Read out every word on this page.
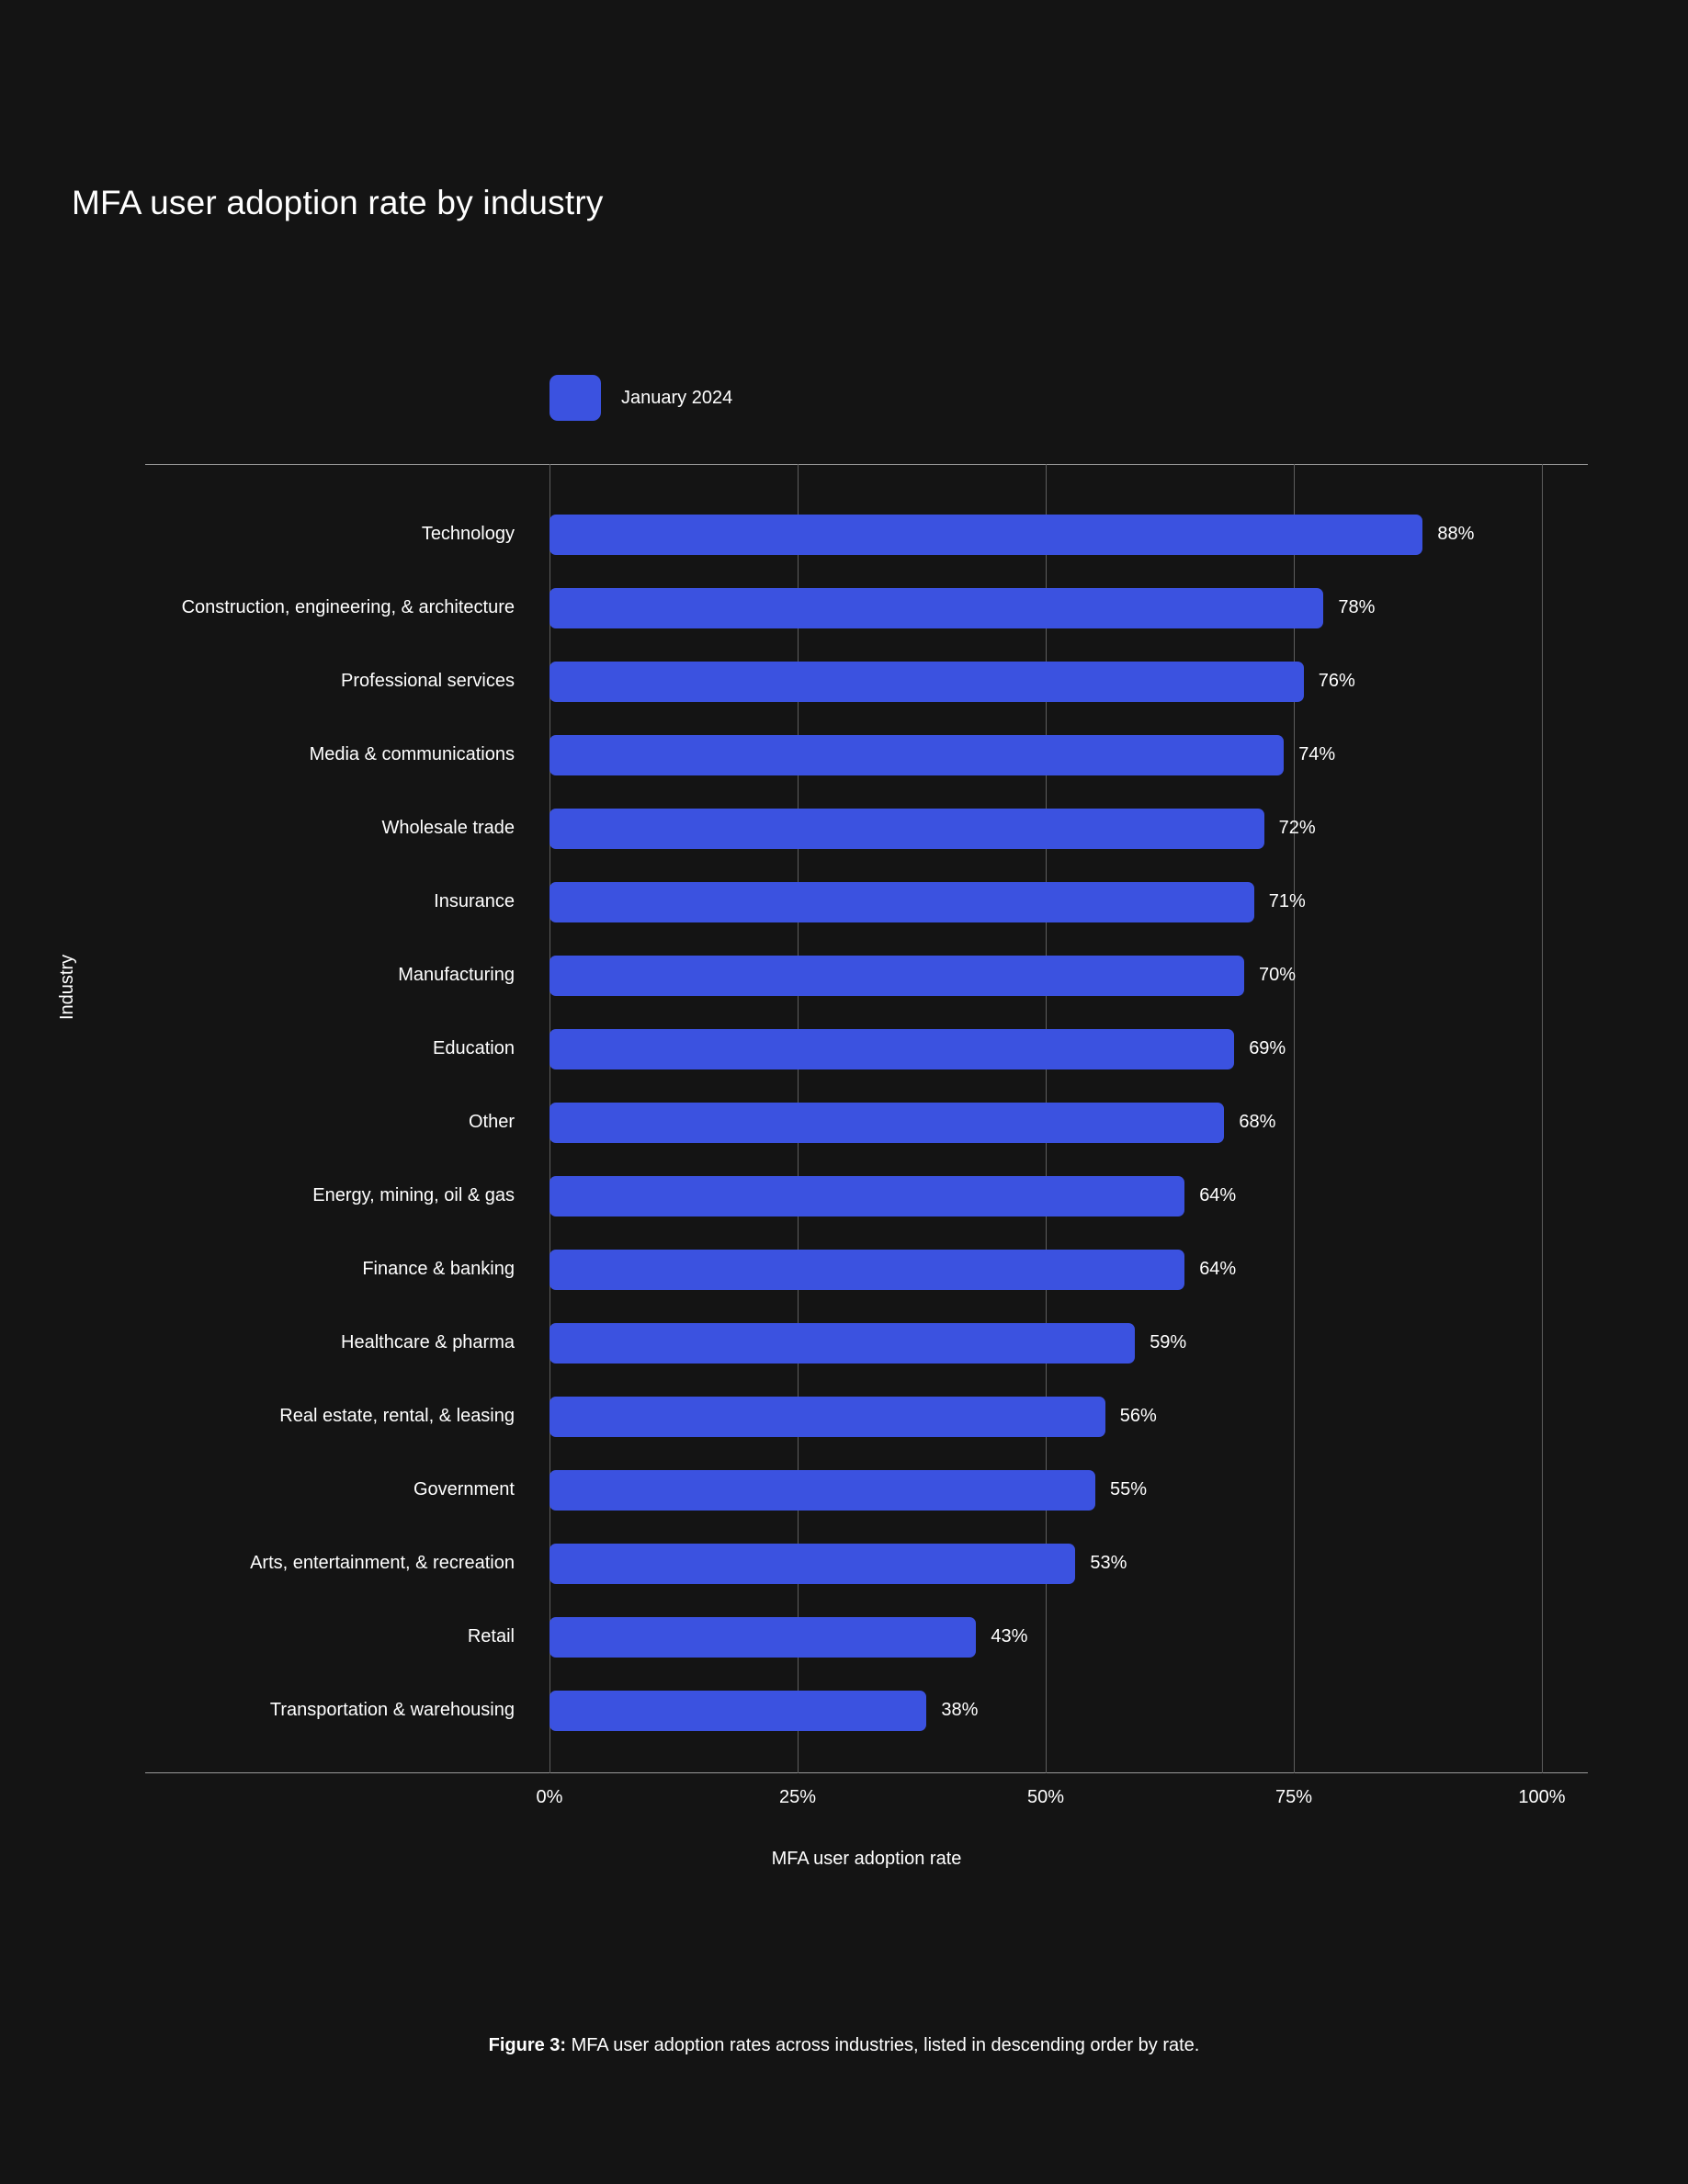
MFA user adoption rate by industry
January 2024
Industry
Technology
Construction, engineering, & architecture
Professional services
Media & communications
Wholesale trade
Insurance
Manufacturing
Education
Other
Energy, mining, oil & gas
Finance & banking
Healthcare & pharma
Real estate, rental, & leasing
Government
Arts, entertainment, & recreation
Retail
Transportation & warehousing
88%
78%
76%
74%
72%
71%
70%
69%
68%
64%
64%
59%
56%
55%
53%
43%
38%
0%	25%	50%	75%	100%
MFA user adoption rate
Figure 3: MFA user adoption rates across industries, listed in descending order by rate.
